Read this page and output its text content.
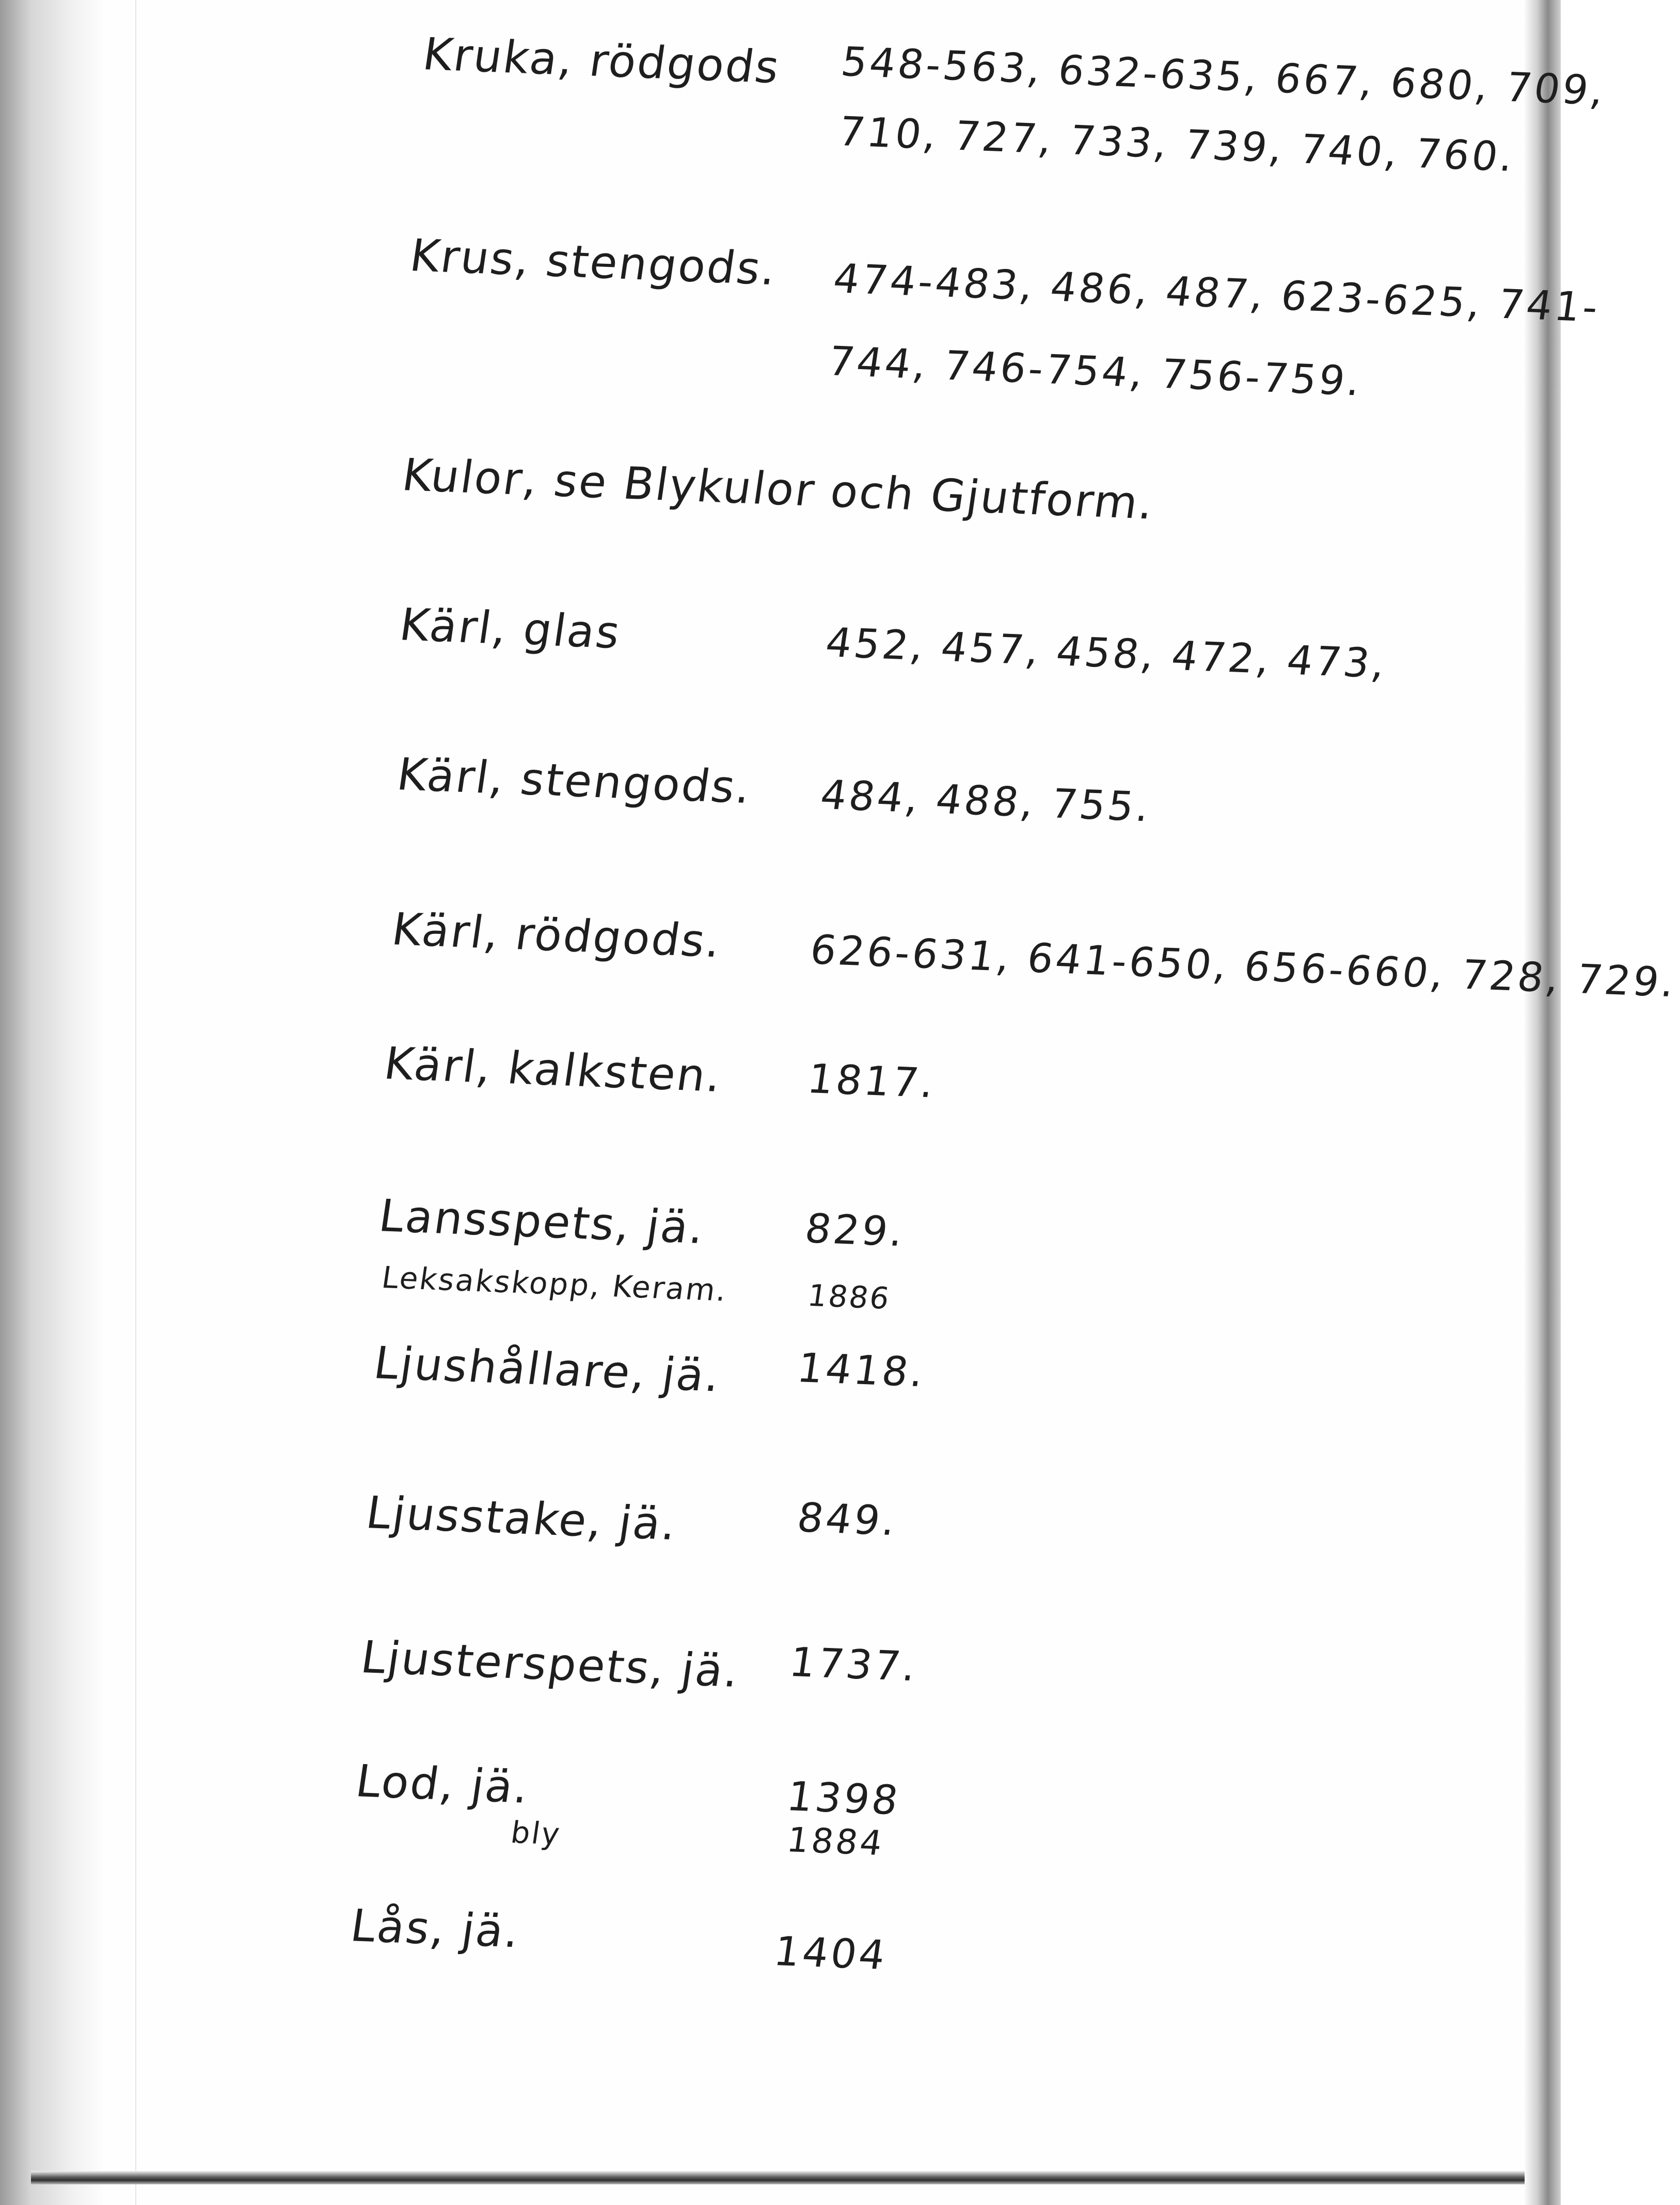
Kruka, rödgods 548-563, 632-635, 667, 680, 709,

710, 727, 733, 739, 740, 760.

Krus, stengods. 474-483, 486, 487, 623-625, 741-

744, 746-754, 756-759.

Kulor, se Blykulor och Gjutform.

Kärl, glas	452, 457, 458, 472, 473,

Kärl, stengods. 484, 488, 755.

Kärl, rödgods. 626-631, 641-650, 656-660, 728, 729.

Kärl, kalksten. 1817.

Lansspets, jä. 829.

Leksakskopp, Keram.	1886

Ljushållare, jä. 1418.

Ljusstake, jä.	849.

Ljusterspets, jä. 1737.

Lod, jä.	1398

bly	1884

Lås, jä.	1404
